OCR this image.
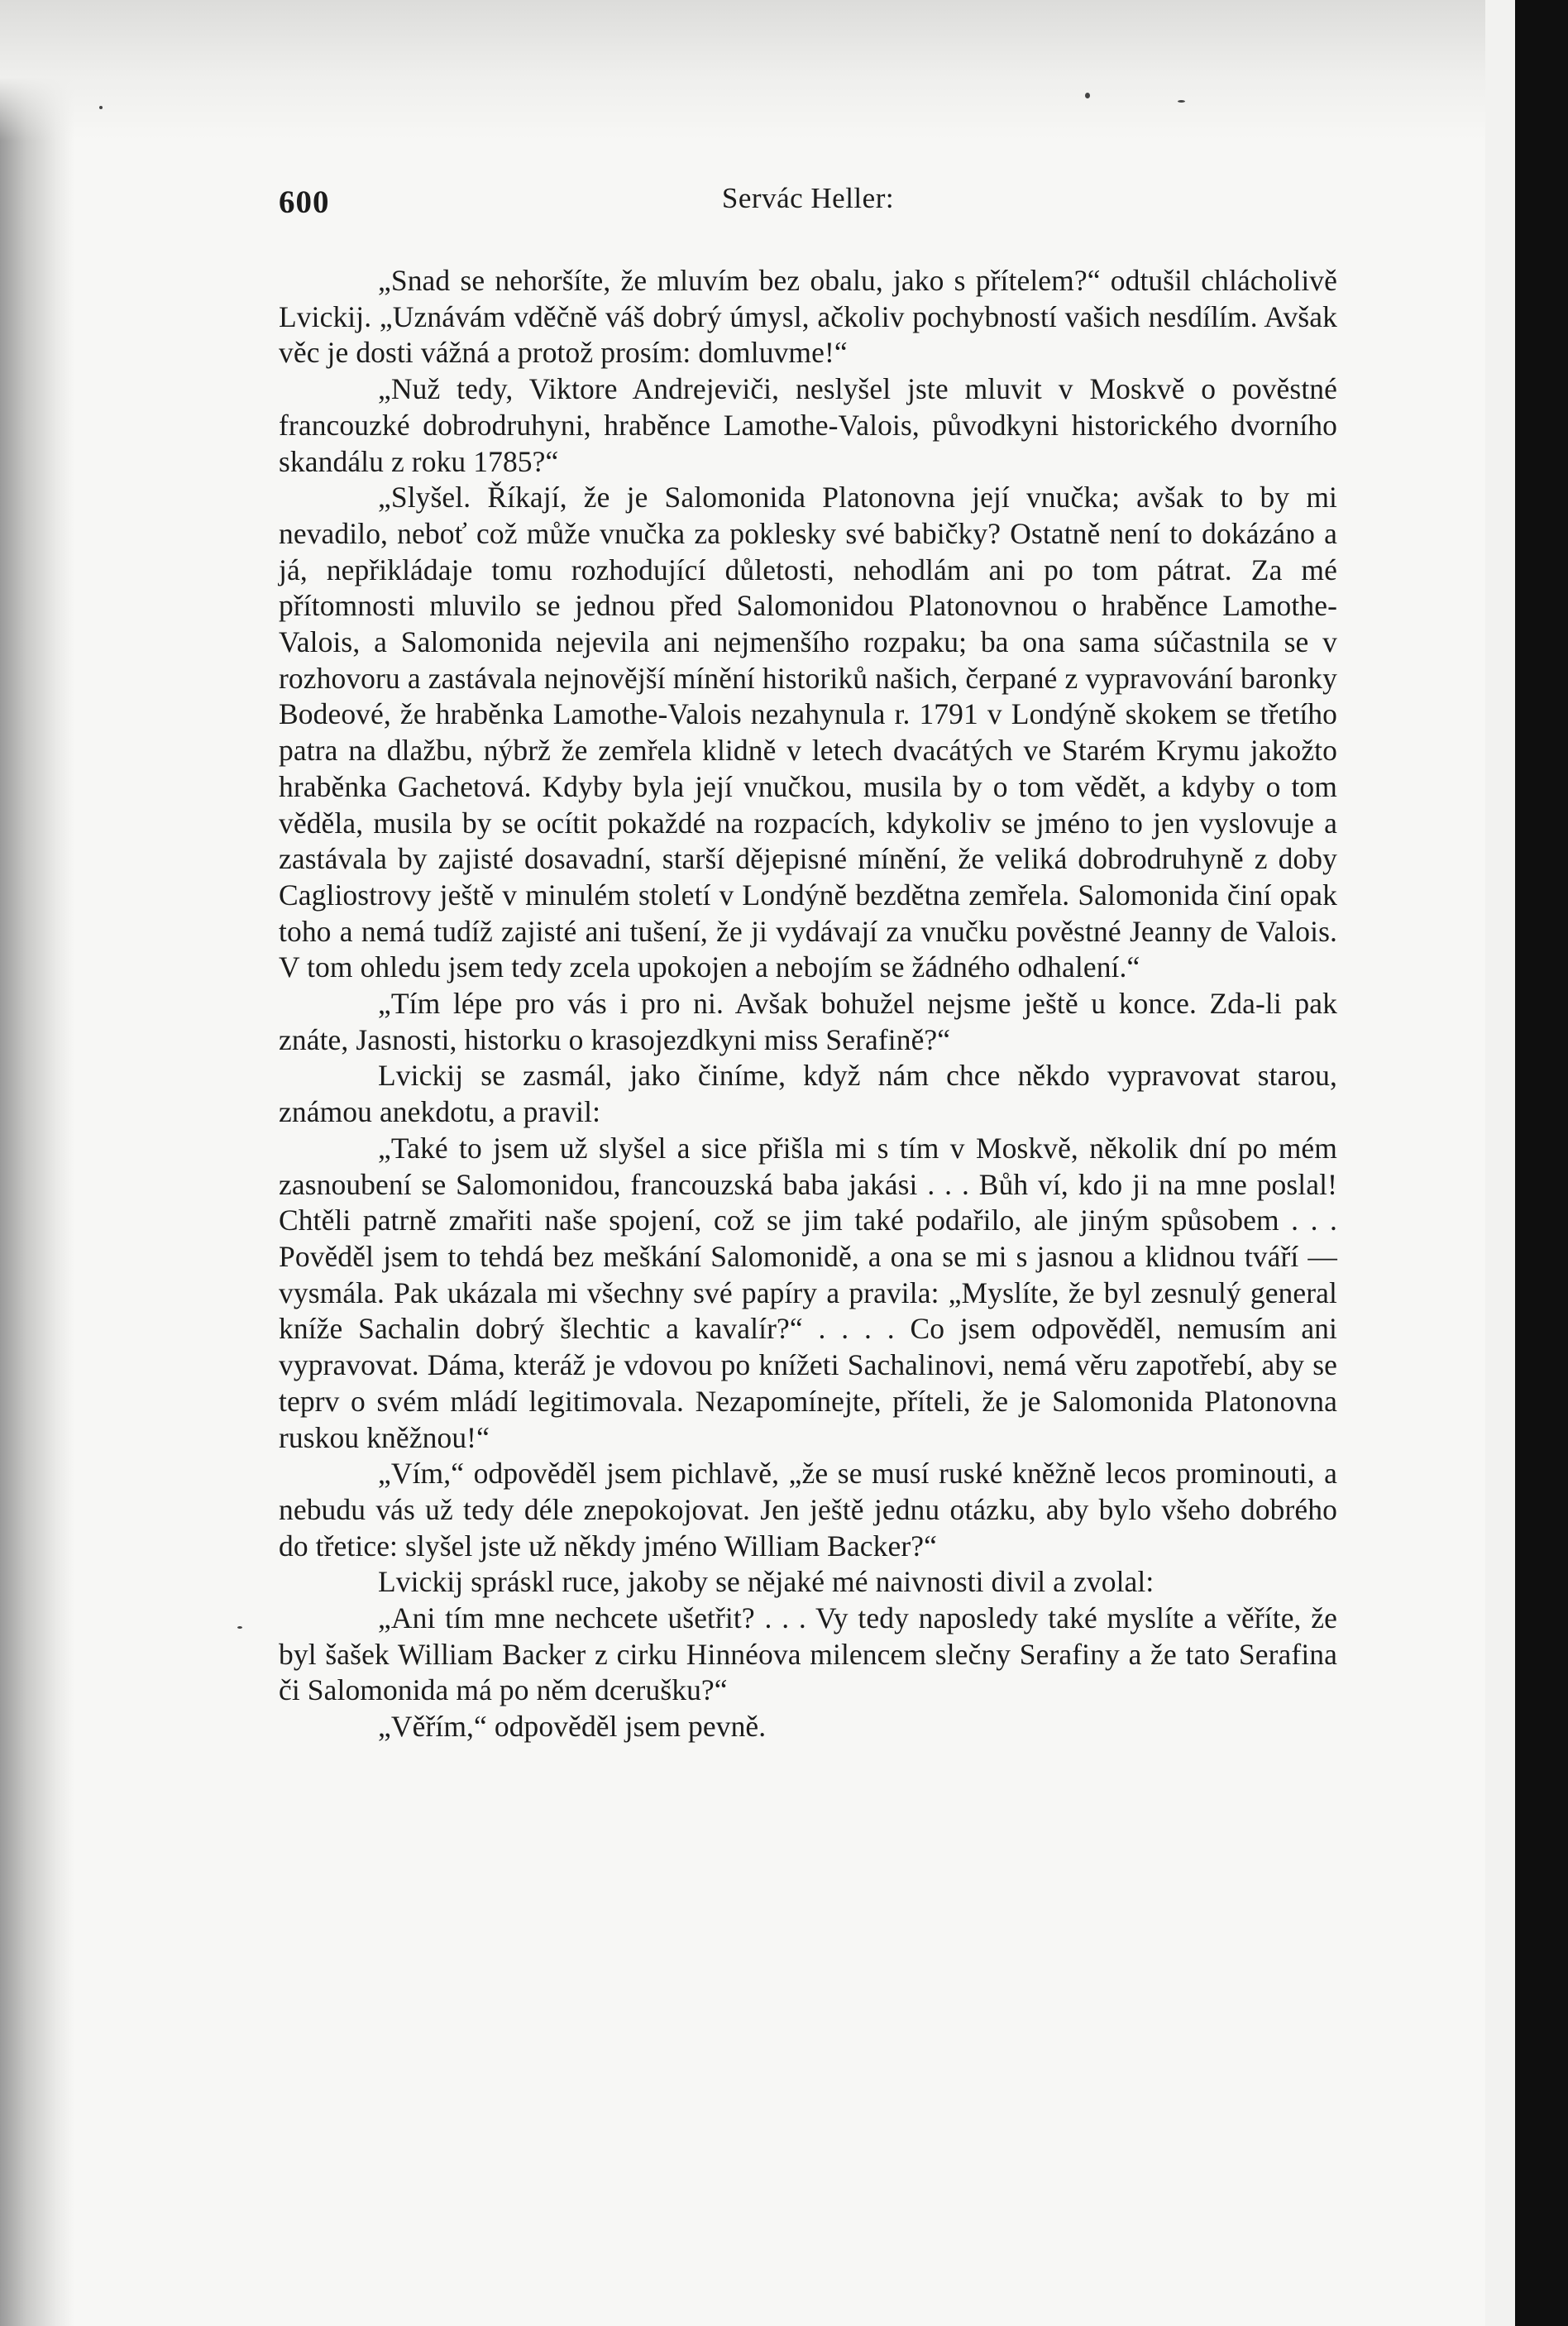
600	Servác Heller:

„Snad se nehoršíte, že mluvím bez obalu, jako s přítelem?“ odtušil chlácholivě Lvickij. „Uznávám vděčně váš dobrý úmysl, ačkoliv pochybností vašich nesdílím. Avšak věc je dosti vážná a protož prosím: domluvme!“

„Nuž tedy, Viktore Andrejeviči, neslyšel jste mluvit v Moskvě o pověstné francouzké dobrodruhyni, hraběnce Lamothe-Valois, původkyni historického dvorního skandálu z roku 1785?“

„Slyšel. Říkají, že je Salomonida Platonovna její vnučka; avšak to by mi nevadilo, neboť což může vnučka za poklesky své babičky? Ostatně není to dokázáno a já, nepřikládaje tomu rozhodující důletosti, nehodlám ani po tom pátrat. Za mé přítomnosti mluvilo se jednou před Salomonidou Platonovnou o hraběnce Lamothe-Valois, a Salomonida nejevila ani nejmenšího rozpaku; ba ona sama súčastnila se v rozhovoru a zastávala nejnovější mínění historiků našich, čerpané z vypravování baronky Bodeové, že hraběnka Lamothe-Valois nezahynula r. 1791 v Londýně skokem se třetího patra na dlažbu, nýbrž že zemřela klidně v letech dvacátých ve Starém Krymu jakožto hraběnka Gachetová. Kdyby byla její vnučkou, musila by o tom vědět, a kdyby o tom věděla, musila by se ocítit pokaždé na rozpacích, kdykoliv se jméno to jen vyslovuje a zastávala by zajisté dosavadní, starší dějepisné mínění, že veliká dobrodruhyně z doby Cagliostrovy ještě v minulém století v Londýně bezdětna zemřela. Salomonida činí opak toho a nemá tudíž zajisté ani tušení, že ji vydávají za vnučku pověstné Jeanny de Valois. V tom ohledu jsem tedy zcela upokojen a nebojím se žádného odhalení.“

„Tím lépe pro vás i pro ni. Avšak bohužel nejsme ještě u konce. Zda-li pak znáte, Jasnosti, historku o krasojezdkyni miss Serafině?“

Lvickij se zasmál, jako činíme, když nám chce někdo vypravovat starou, známou anekdotu, a pravil:

„Také to jsem už slyšel a sice přišla mi s tím v Moskvě, několik dní po mém zasnoubení se Salomonidou, francouzská baba jakási . . . Bůh ví, kdo ji na mne poslal! Chtěli patrně zmařiti naše spojení, což se jim také podařilo, ale jiným spůsobem . . . Pověděl jsem to tehdá bez meškání Salomonidě, a ona se mi s jasnou a klidnou tváří — vysmála. Pak ukázala mi všechny své papíry a pravila: „Myslíte, že byl zesnulý general kníže Sachalin dobrý šlechtic a kavalír?“ . . . . Co jsem odpověděl, nemusím ani vypravovat. Dáma, kteráž je vdovou po knížeti Sachalinovi, nemá věru zapotřebí, aby se teprv o svém mládí legitimovala. Nezapomínejte, příteli, že je Salomonida Platonovna ruskou kněžnou!“

„Vím,“ odpověděl jsem pichlavě, „že se musí ruské kněžně lecos prominouti, a nebudu vás už tedy déle znepokojovat. Jen ještě jednu otázku, aby bylo všeho dobrého do třetice: slyšel jste už někdy jméno William Backer?“

Lvickij spráskl ruce, jakoby se nějaké mé naivnosti divil a zvolal:

„Ani tím mne nechcete ušetřit? . . . Vy tedy naposledy také myslíte a věříte, že byl šašek William Backer z cirku Hinnéova milencem slečny Serafiny a že tato Serafina či Salomonida má po něm dcerušku?“

„Věřím,“ odpověděl jsem pevně.
